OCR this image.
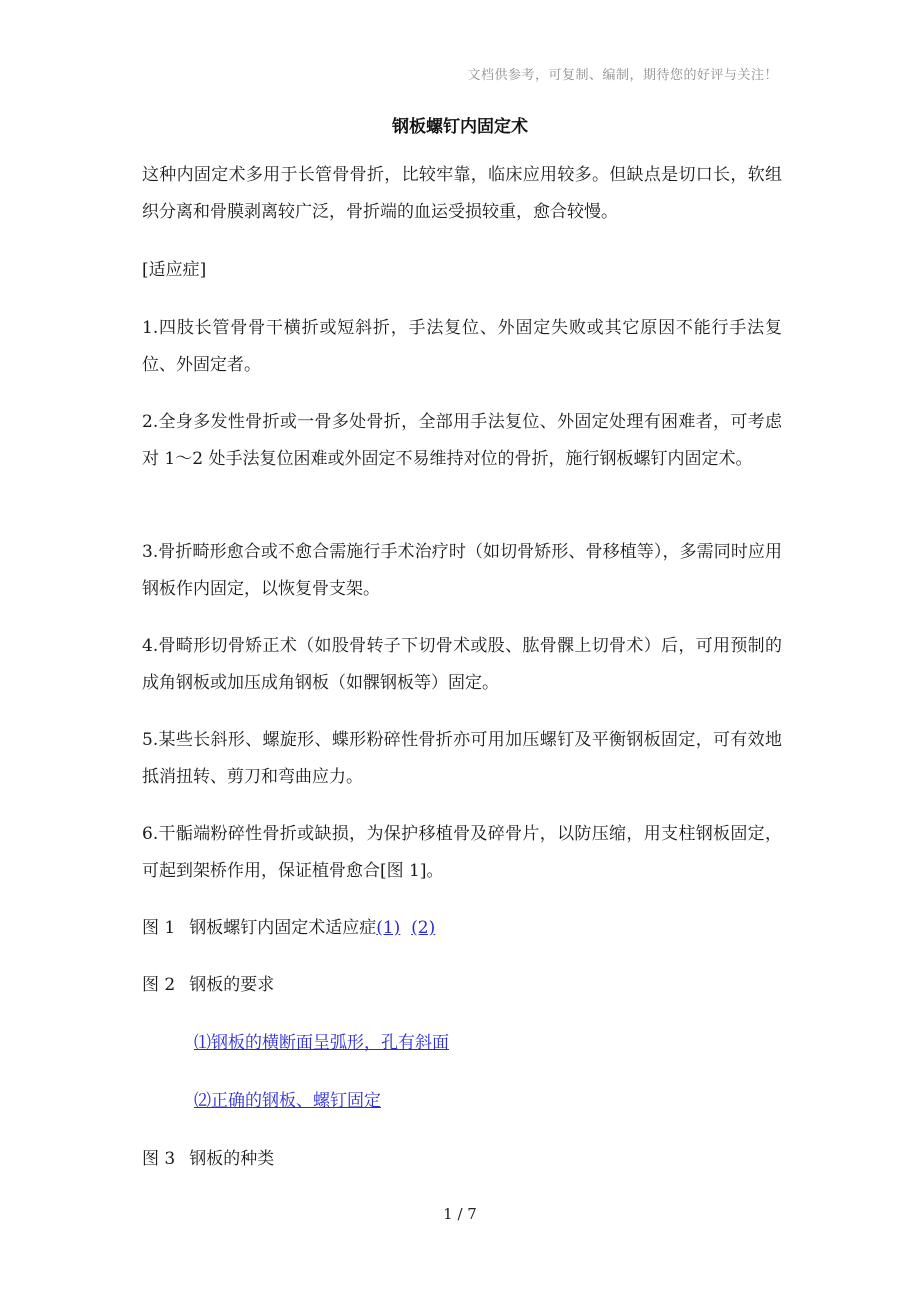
文档供参考，可复制、编制，期待您的好评与关注！
钢板螺钉内固定术

这种内固定术多用于长管骨骨折，比较牢靠，临床应用较多。但缺点是切口长，软组织分离和骨膜剥离较广泛，骨折端的血运受损较重，愈合较慢。

[适应症]

1.四肢长管骨骨干横折或短斜折，手法复位、外固定失败或其它原因不能行手法复位、外固定者。

2.全身多发性骨折或一骨多处骨折，全部用手法复位、外固定处理有困难者，可考虑对 1～2 处手法复位困难或外固定不易维持对位的骨折，施行钢板螺钉内固定术。

3.骨折畸形愈合或不愈合需施行手术治疗时（如切骨矫形、骨移植等），多需同时应用钢板作内固定，以恢复骨支架。

4.骨畸形切骨矫正术（如股骨转子下切骨术或股、肱骨髁上切骨术）后，可用预制的成角钢板或加压成角钢板（如髁钢板等）固定。

5.某些长斜形、螺旋形、蝶形粉碎性骨折亦可用加压螺钉及平衡钢板固定，可有效地抵消扭转、剪刀和弯曲应力。

6.干骺端粉碎性骨折或缺损，为保护移植骨及碎骨片，以防压缩，用支柱钢板固定，可起到架桥作用，保证植骨愈合[图 1]。

图 1 钢板螺钉内固定术适应症(1) (2)
图 2 钢板的要求
⑴钢板的横断面呈弧形，孔有斜面
⑵正确的钢板、螺钉固定
图 3 钢板的种类
1 / 7
